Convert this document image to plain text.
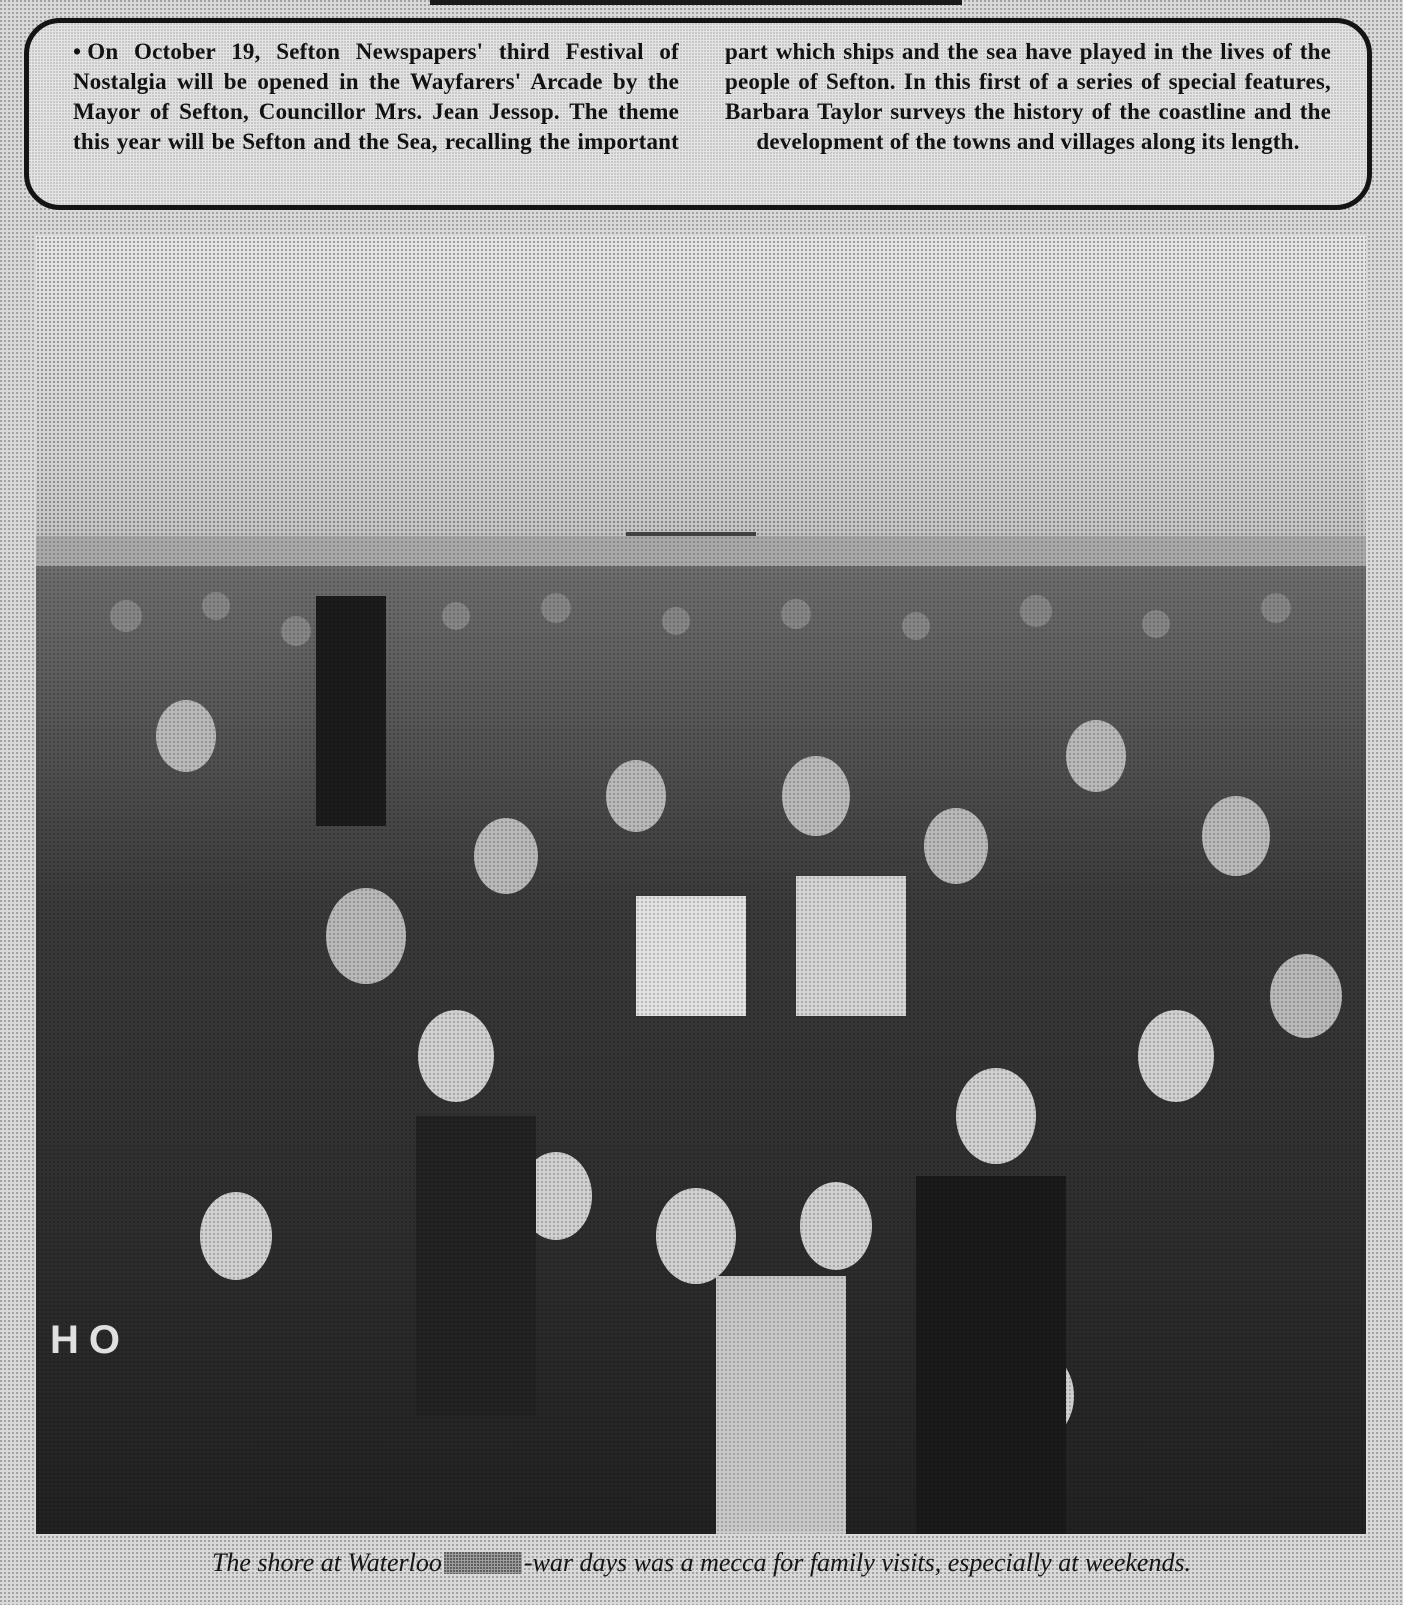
• On October 19, Sefton Newspapers' third Festival of Nostalgia will be opened in the Wayfarers' Arcade by the Mayor of Sefton, Councillor Mrs. Jean Jessop. The theme this year will be Sefton and the Sea, recalling the important part which ships and the sea have played in the lives of the people of Sefton. In this first of a series of special features, Barbara Taylor surveys the history of the coastline and the development of the towns and villages along its length.
HO
The shore at Waterloo	-war days was a mecca for family visits, especially at weekends.
